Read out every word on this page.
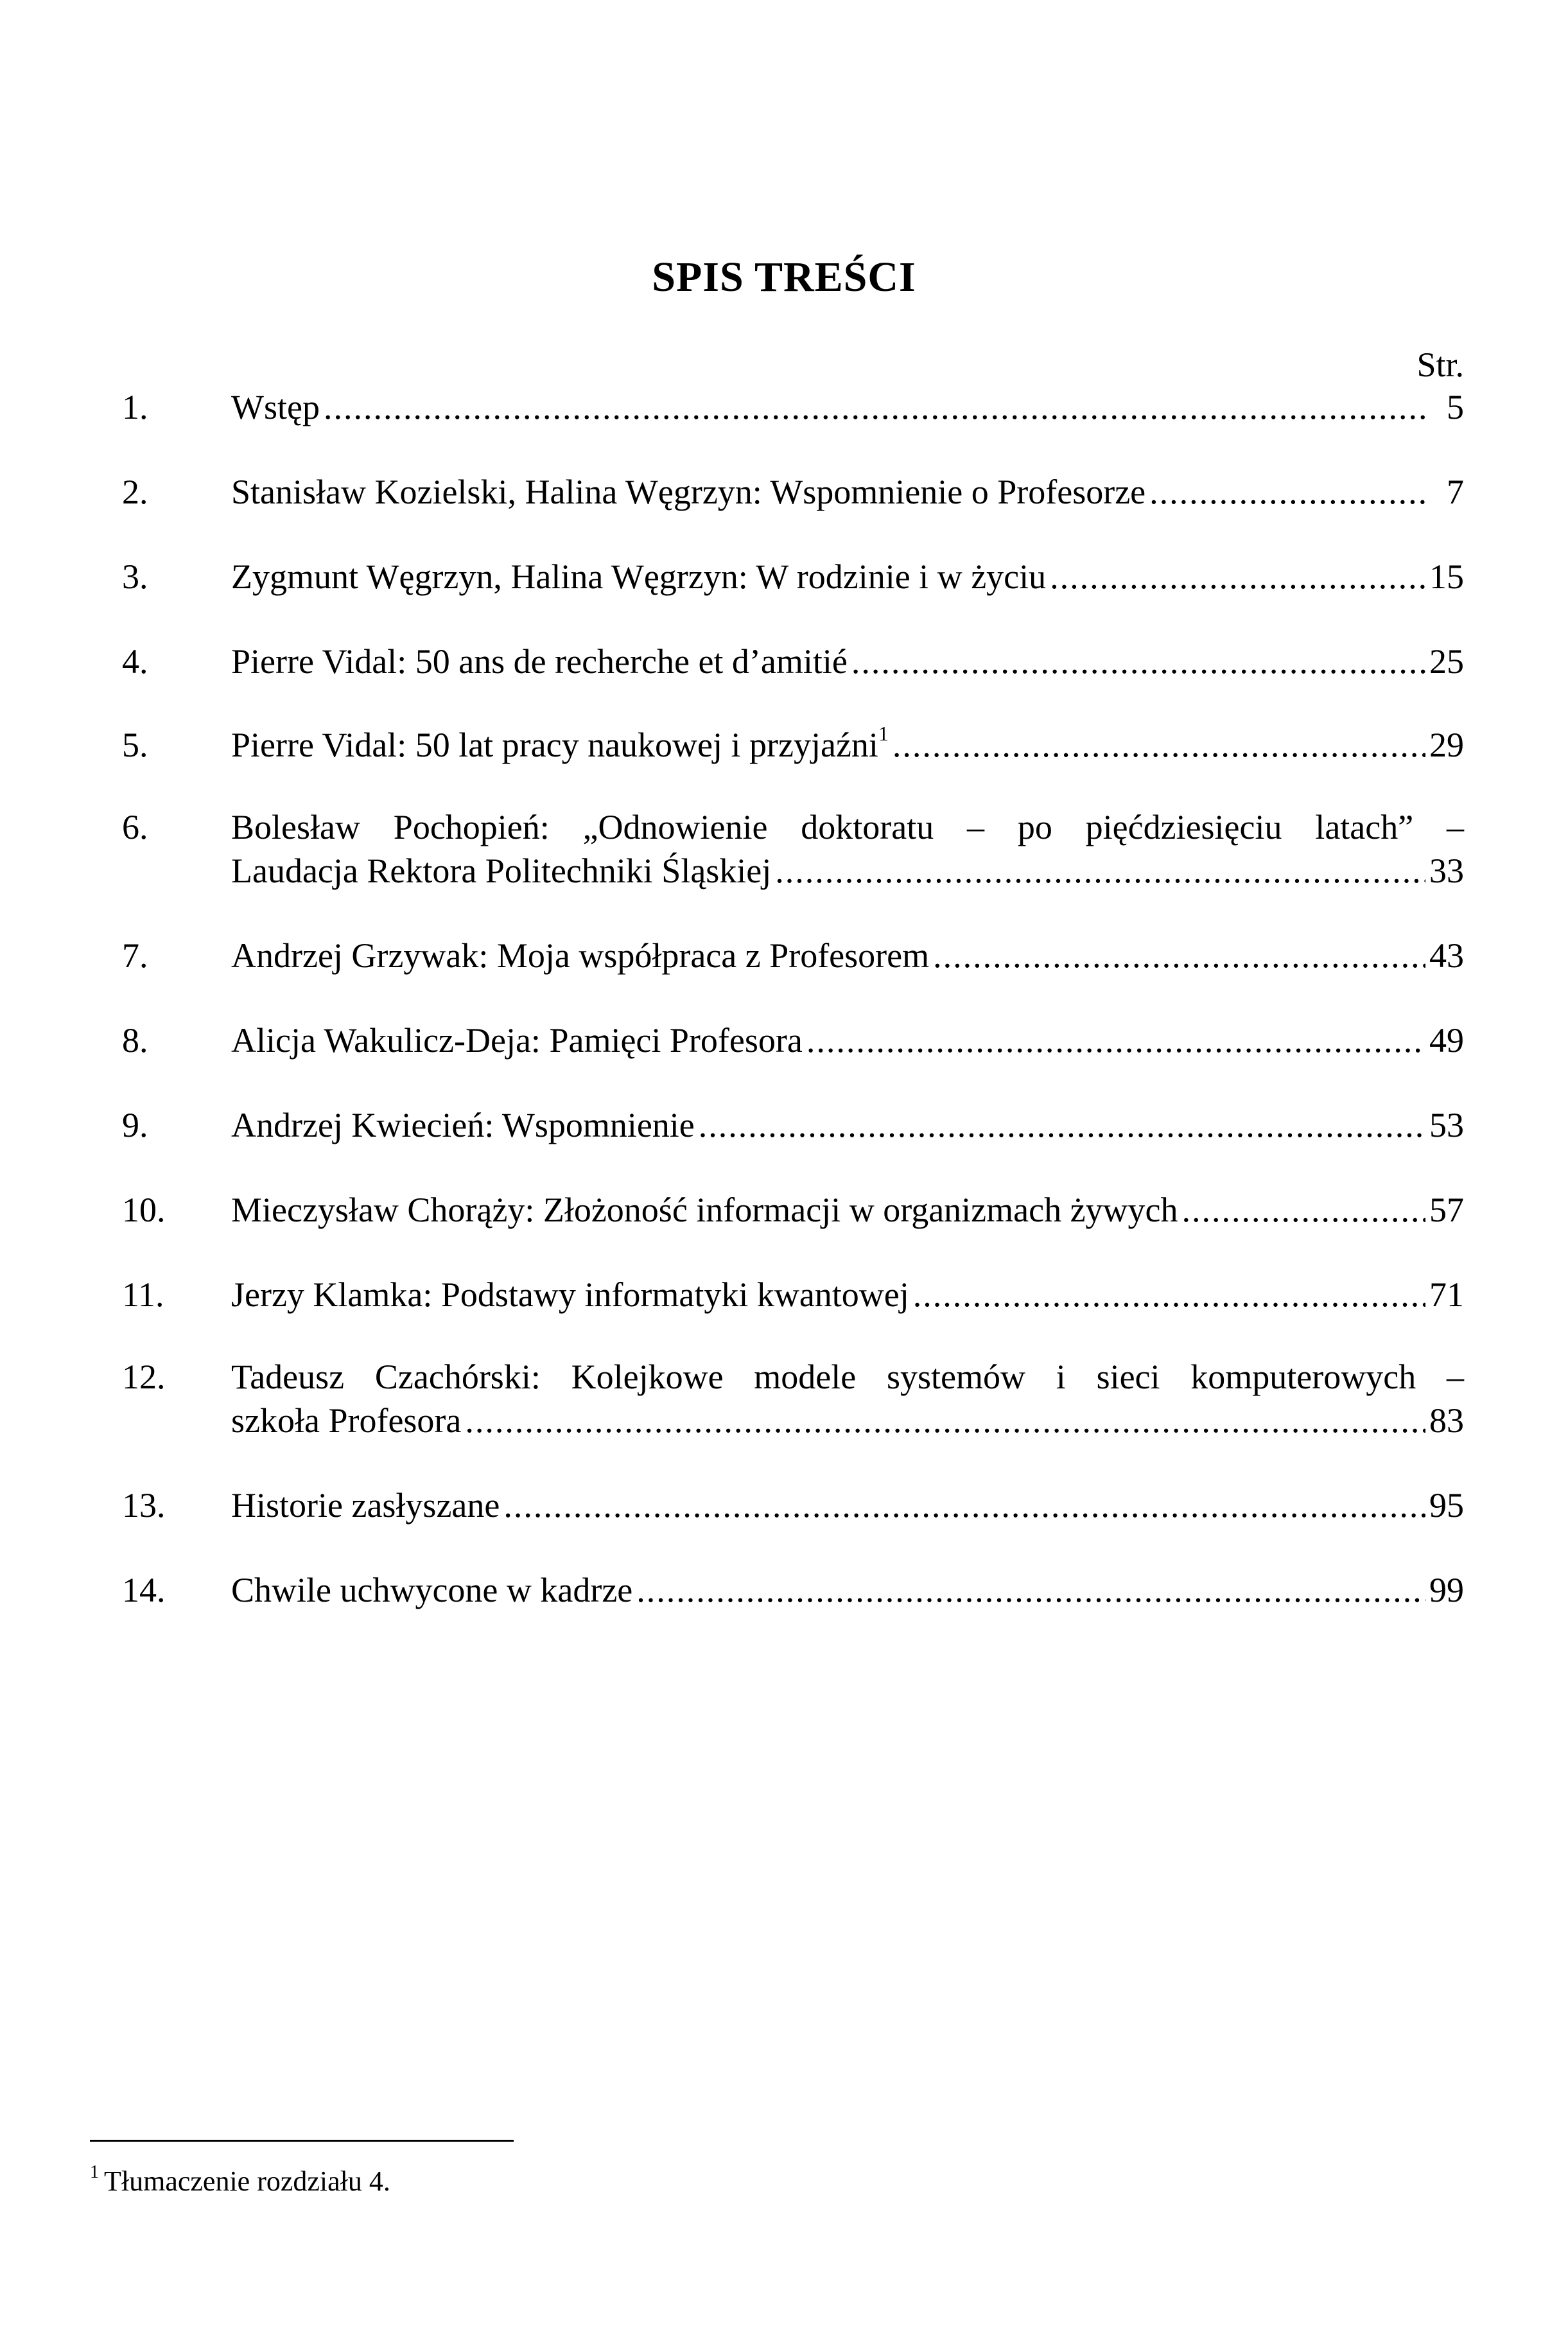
SPIS TREŚCI
Str.
1.	Wstęp .....	5
2.	Stanisław Kozielski, Halina Węgrzyn: Wspomnienie o Profesorze .....	7
3.	Zygmunt Węgrzyn, Halina Węgrzyn: W rodzinie i w życiu .....	15
4.	Pierre Vidal: 50 ans de recherche et d’amitié .....	25
5.	Pierre Vidal: 50 lat pracy naukowej i przyjaźni$^1$ .....	29
6.	Bolesław Pochopień: „Odnowienie doktoratu – po pięćdziesięciu latach” –
Laudacja Rektora Politechniki Śląskiej .....	33
7.	Andrzej Grzywak: Moja współpraca z Profesorem .....	43
8.	Alicja Wakulicz-Deja: Pamięci Profesora .....	49
9.	Andrzej Kwiecień: Wspomnienie .....	53
10.	Mieczysław Chorąży: Złożoność informacji w organizmach żywych .....	57
11.	Jerzy Klamka: Podstawy informatyki kwantowej .....	71
12.	Tadeusz Czachórski: Kolejkowe modele systemów i sieci komputerowych –
szkoła Profesora .....	83
13.	Historie zasłyszane .....	95
14.	Chwile uchwycone w kadrze .....	99
$^1$ Tłumaczenie rozdziału 4.
